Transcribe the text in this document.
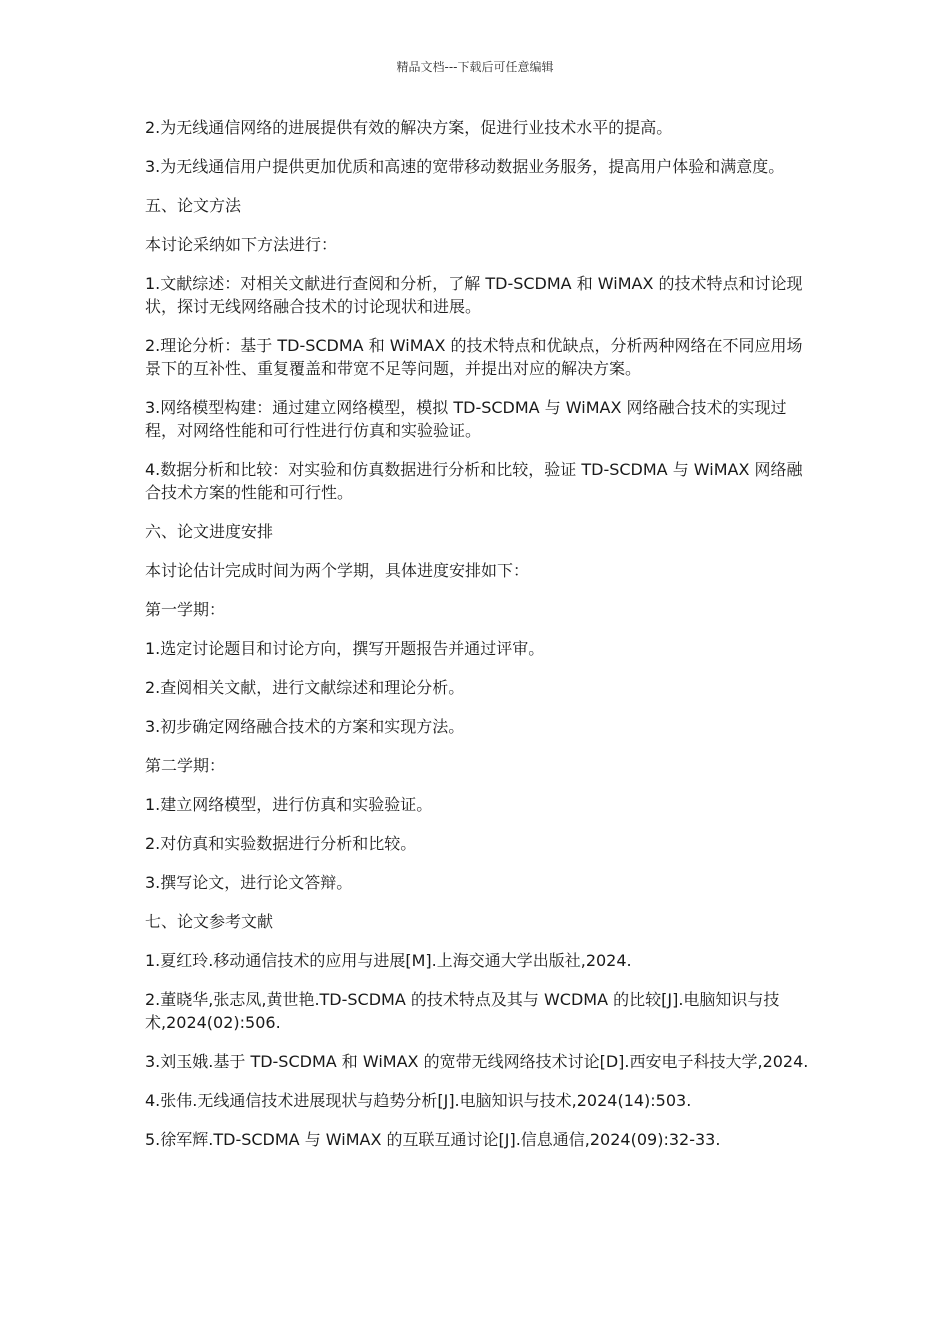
精品文档---下载后可任意编辑

2.为无线通信网络的进展提供有效的解决方案，促进行业技术水平的提高。

3.为无线通信用户提供更加优质和高速的宽带移动数据业务服务，提高用户体验和满意度。

五、论文方法

本讨论采纳如下方法进行：

1.文献综述：对相关文献进行查阅和分析，了解 TD-SCDMA 和 WiMAX 的技术特点和讨论现状，探讨无线网络融合技术的讨论现状和进展。

2.理论分析：基于 TD-SCDMA 和 WiMAX 的技术特点和优缺点，分析两种网络在不同应用场景下的互补性、重复覆盖和带宽不足等问题，并提出对应的解决方案。

3.网络模型构建：通过建立网络模型，模拟 TD-SCDMA 与 WiMAX 网络融合技术的实现过程，对网络性能和可行性进行仿真和实验验证。

4.数据分析和比较：对实验和仿真数据进行分析和比较，验证 TD-SCDMA 与 WiMAX 网络融合技术方案的性能和可行性。

六、论文进度安排

本讨论估计完成时间为两个学期，具体进度安排如下：

第一学期：

1.选定讨论题目和讨论方向，撰写开题报告并通过评审。

2.查阅相关文献，进行文献综述和理论分析。

3.初步确定网络融合技术的方案和实现方法。

第二学期：

1.建立网络模型，进行仿真和实验验证。

2.对仿真和实验数据进行分析和比较。

3.撰写论文，进行论文答辩。

七、论文参考文献

1.夏红玲.移动通信技术的应用与进展[M].上海交通大学出版社,2024.

2.董晓华,张志凤,黄世艳.TD-SCDMA 的技术特点及其与 WCDMA 的比较[J].电脑知识与技术,2024(02):506.

3.刘玉娥.基于 TD-SCDMA 和 WiMAX 的宽带无线网络技术讨论[D].西安电子科技大学,2024.

4.张伟.无线通信技术进展现状与趋势分析[J].电脑知识与技术,2024(14):503.

5.徐军辉.TD-SCDMA 与 WiMAX 的互联互通讨论[J].信息通信,2024(09):32-33.
